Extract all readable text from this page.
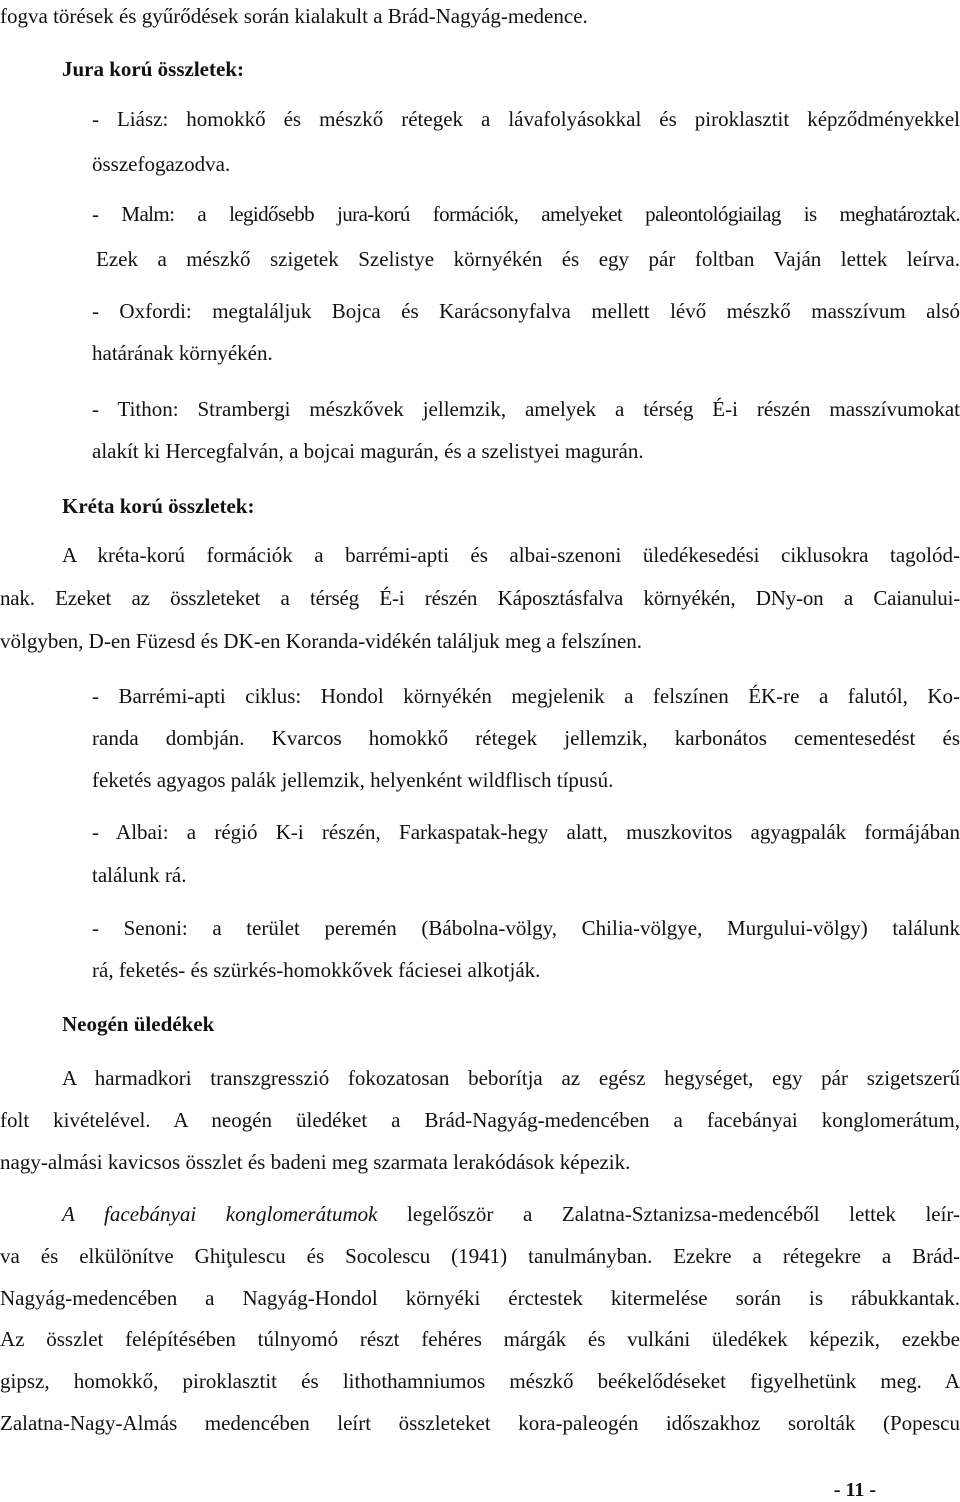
fogva törések és gyűrődések során kialakult a Brád-Nagyág-medence.

Jura korú összletek:

- Liász: homokkő és mészkő rétegek a lávafolyásokkal és piroklasztit képződményekkel

összefogazodva.

- Malm: a legidősebb jura-korú formációk, amelyeket paleontológiailag is meghatároztak.

Ezek a mészkő szigetek Szelistye környékén és egy pár foltban Vaján lettek leírva.

- Oxfordi: megtaláljuk Bojca és Karácsonyfalva mellett lévő mészkő masszívum alsó

határának környékén.

- Tithon: Strambergi mészkővek jellemzik, amelyek a térség É-i részén masszívumokat

alakít ki Hercegfalván, a bojcai magurán, és a szelistyei magurán.

Kréta korú összletek:

A kréta-korú formációk a barrémi-apti és albai-szenoni üledékesedési ciklusokra tagolód-

nak. Ezeket az összleteket a térség É-i részén Káposztásfalva környékén, DNy-on a Caianului-

völgyben, D-en Füzesd és DK-en Koranda-vidékén találjuk meg a felszínen.

- Barrémi-apti ciklus: Hondol környékén megjelenik a felszínen ÉK-re a falutól, Ko-

randa dombján. Kvarcos homokkő rétegek jellemzik, karbonátos cementesedést és

feketés agyagos palák jellemzik, helyenként wildflisch típusú.

- Albai: a régió K-i részén, Farkaspatak-hegy alatt, muszkovitos agyagpalák formájában

találunk rá.

- Senoni: a terület peremén (Bábolna-völgy, Chilia-völgye, Murgului-völgy) találunk

rá, feketés- és szürkés-homokkővek fáciesei alkotják.

Neogén üledékek

A harmadkori transzgresszió fokozatosan beborítja az egész hegységet, egy pár szigetszerű

folt kivételével. A neogén üledéket a Brád-Nagyág-medencében a facebányai konglomerátum,

nagy-almási kavicsos összlet és badeni meg szarmata lerakódások képezik.

A facebányai konglomerátumok legelőször a Zalatna-Sztanizsa-medencéből lettek leír-

va és elkülönítve Ghiţulescu és Socolescu (1941) tanulmányban. Ezekre a rétegekre a Brád-

Nagyág-medencében a Nagyág-Hondol környéki érctestek kitermelése során is rábukkantak.

Az összlet felépítésében túlnyomó részt fehéres márgák és vulkáni üledékek képezik, ezekbe

gipsz, homokkő, piroklasztit és lithothamniumos mészkő beékelődéseket figyelhetünk meg. A

Zalatna-Nagy-Almás medencében leírt összleteket kora-paleogén időszakhoz sorolták (Popescu

- 11 -
